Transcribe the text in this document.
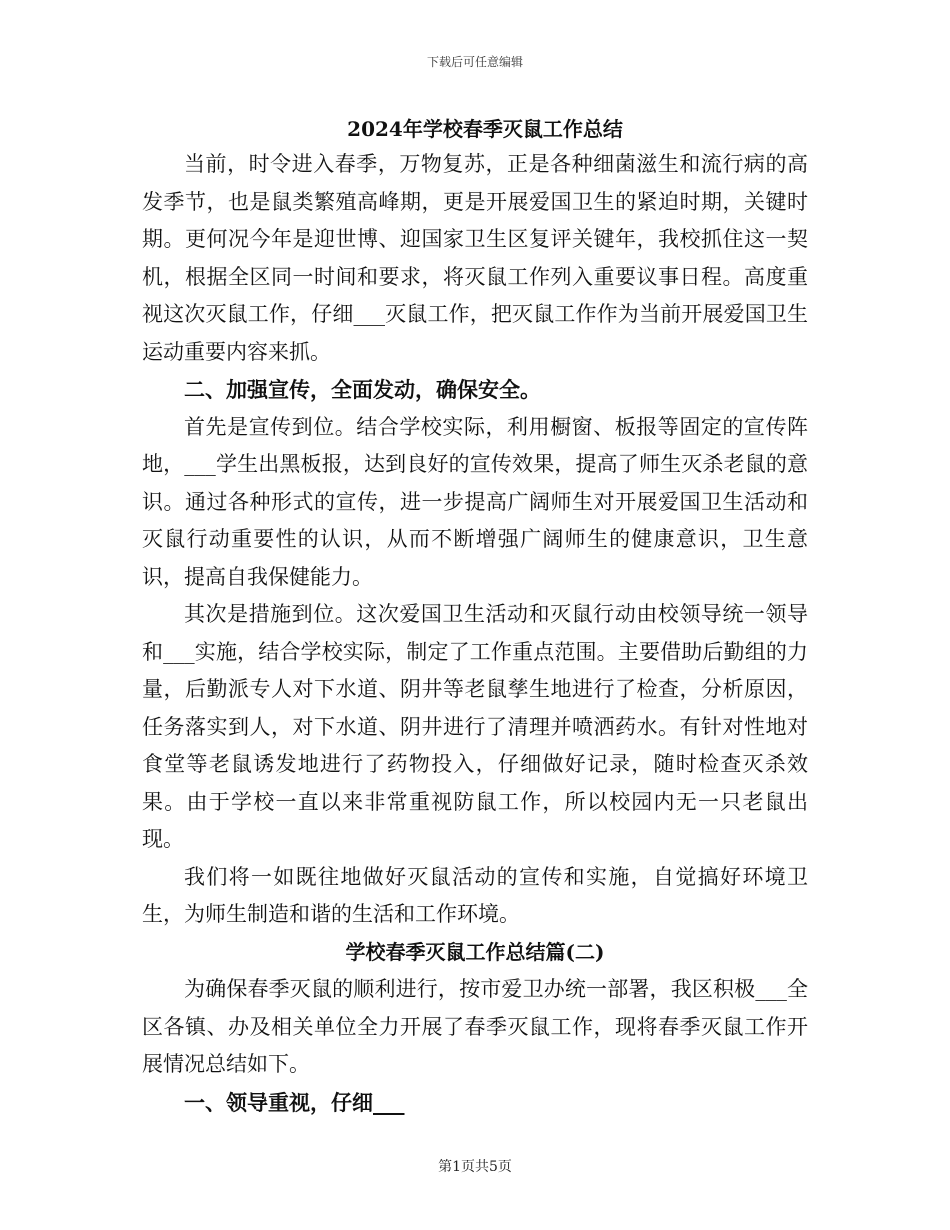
下载后可任意编辑
2024年学校春季灭鼠工作总结

当前，时令进入春季，万物复苏，正是各种细菌滋生和流行病的高发季节，也是鼠类繁殖高峰期，更是开展爱国卫生的紧迫时期，关键时期。更何况今年是迎世博、迎国家卫生区复评关键年，我校抓住这一契机，根据全区同一时间和要求，将灭鼠工作列入重要议事日程。高度重视这次灭鼠工作，仔细___灭鼠工作，把灭鼠工作作为当前开展爱国卫生运动重要内容来抓。

二、加强宣传，全面发动，确保安全。

首先是宣传到位。结合学校实际，利用橱窗、板报等固定的宣传阵地，___学生出黑板报，达到良好的宣传效果，提高了师生灭杀老鼠的意识。通过各种形式的宣传，进一步提高广阔师生对开展爱国卫生活动和灭鼠行动重要性的认识，从而不断增强广阔师生的健康意识，卫生意识，提高自我保健能力。

其次是措施到位。这次爱国卫生活动和灭鼠行动由校领导统一领导和___实施，结合学校实际，制定了工作重点范围。主要借助后勤组的力量，后勤派专人对下水道、阴井等老鼠孳生地进行了检查，分析原因，任务落实到人，对下水道、阴井进行了清理并喷洒药水。有针对性地对食堂等老鼠诱发地进行了药物投入，仔细做好记录，随时检查灭杀效果。由于学校一直以来非常重视防鼠工作，所以校园内无一只老鼠出现。

我们将一如既往地做好灭鼠活动的宣传和实施，自觉搞好环境卫生，为师生制造和谐的生活和工作环境。

学校春季灭鼠工作总结篇(二)

为确保春季灭鼠的顺利进行，按市爱卫办统一部署，我区积极___全区各镇、办及相关单位全力开展了春季灭鼠工作，现将春季灭鼠工作开展情况总结如下。

一、领导重视，仔细___

第1页共5页
